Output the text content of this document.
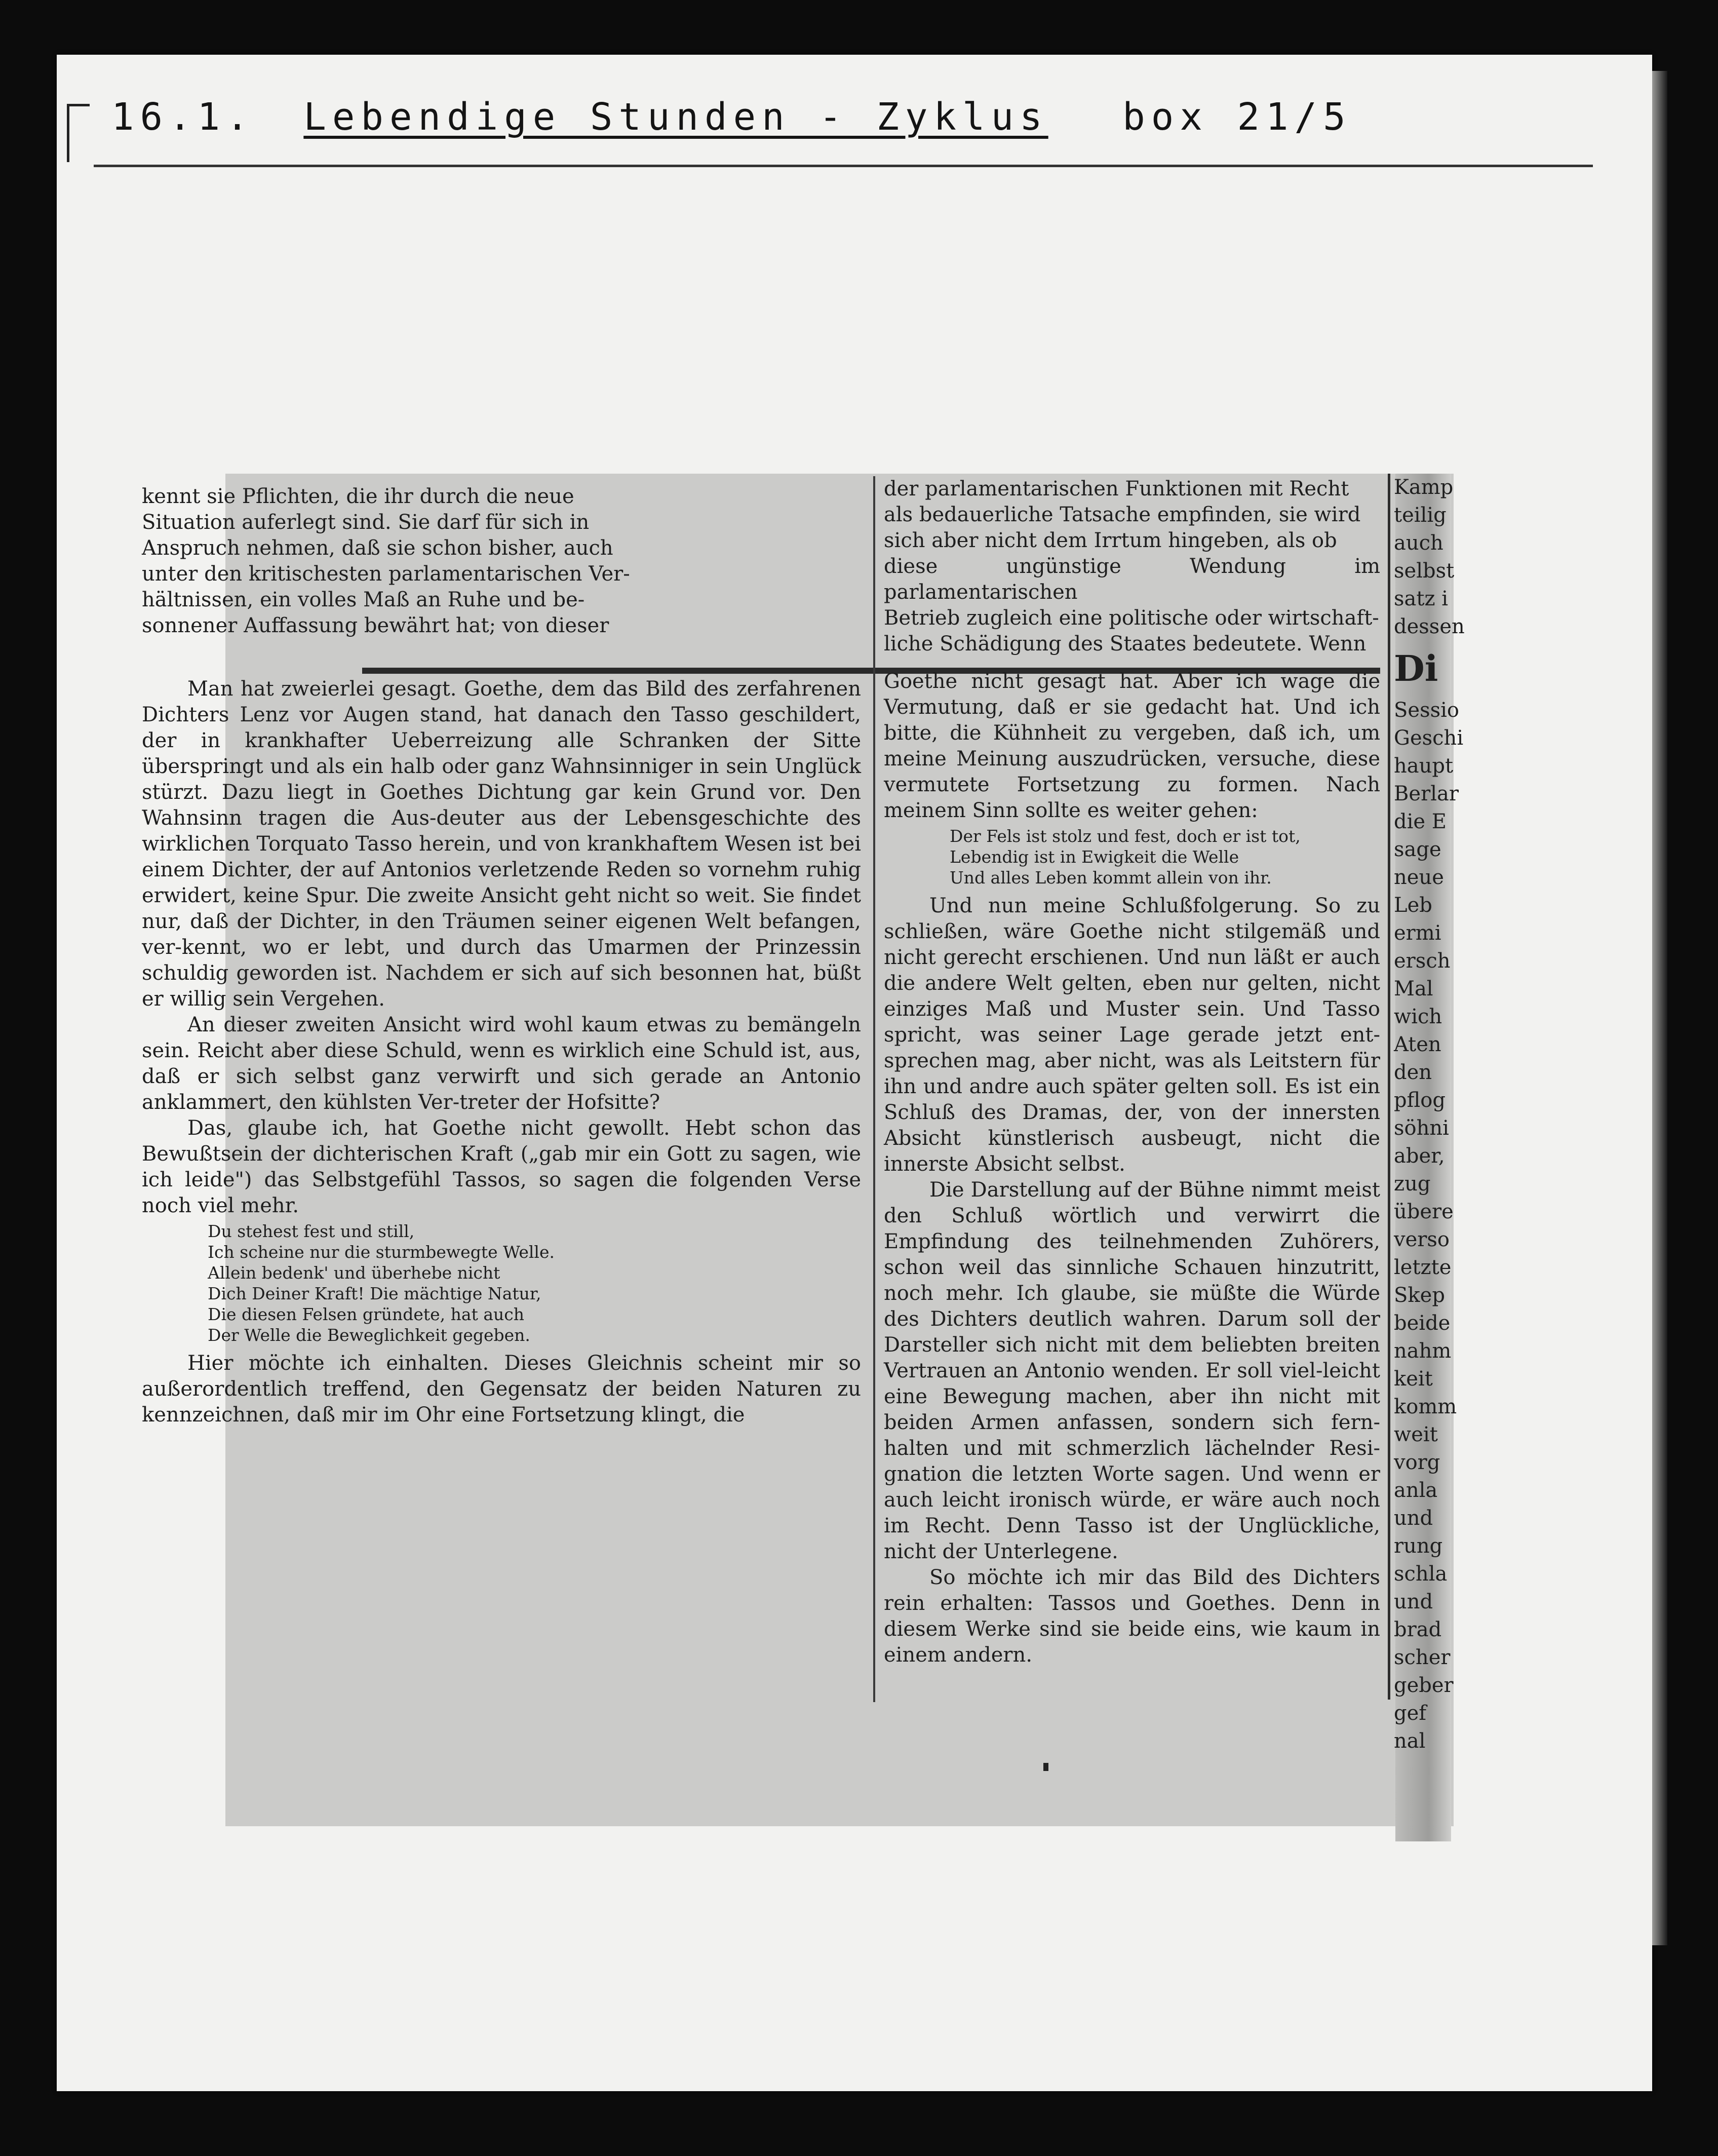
16.1. Lebendige Stunden - Zyklus box 21/5

kennt sie Pflichten, die ihr durch die neue

Situation auferlegt sind. Sie darf für sich in

Anspruch nehmen, daß sie schon bisher, auch

unter den kritischesten parlamentarischen Ver-

hältnissen, ein volles Maß an Ruhe und be-

sonnener Auffassung bewährt hat; von dieser

der parlamentarischen Funktionen mit Recht

als bedauerliche Tatsache empfinden, sie wird

sich aber nicht dem Irrtum hingeben, als ob

diese ungünstige Wendung im parlamentarischen

Betrieb zugleich eine politische oder wirtschaft-

liche Schädigung des Staates bedeutete. Wenn

Man hat zweierlei gesagt. Goethe, dem das Bild des zerfahrenen Dichters Lenz vor Augen stand, hat danach den Tasso geschildert, der in krankhafter Ueberreizung alle Schranken der Sitte überspringt und als ein halb oder ganz Wahnsinniger in sein Unglück stürzt. Dazu liegt in Goethes Dichtung gar kein Grund vor. Den Wahnsinn tragen die Aus-deuter aus der Lebensgeschichte des wirklichen Torquato Tasso herein, und von krankhaftem Wesen ist bei einem Dichter, der auf Antonios verletzende Reden so vornehm ruhig erwidert, keine Spur. Die zweite Ansicht geht nicht so weit. Sie findet nur, daß der Dichter, in den Träumen seiner eigenen Welt befangen, ver-kennt, wo er lebt, und durch das Umarmen der Prinzessin schuldig geworden ist. Nachdem er sich auf sich besonnen hat, büßt er willig sein Vergehen.

An dieser zweiten Ansicht wird wohl kaum etwas zu bemängeln sein. Reicht aber diese Schuld, wenn es wirklich eine Schuld ist, aus, daß er sich selbst ganz verwirft und sich gerade an Antonio anklammert, den kühlsten Ver-treter der Hofsitte?

Das, glaube ich, hat Goethe nicht gewollt. Hebt schon das Bewußtsein der dichterischen Kraft („gab mir ein Gott zu sagen, wie ich leide") das Selbstgefühl Tassos, so sagen die folgenden Verse noch viel mehr.

Du stehest fest und still,
Ich scheine nur die sturmbewegte Welle.
Allein bedenk' und überhebe nicht
Dich Deiner Kraft! Die mächtige Natur,
Die diesen Felsen gründete, hat auch
Der Welle die Beweglichkeit gegeben.

Hier möchte ich einhalten. Dieses Gleichnis scheint mir so außerordentlich treffend, den Gegensatz der beiden Naturen zu kennzeichnen, daß mir im Ohr eine Fortsetzung klingt, die

Goethe nicht gesagt hat. Aber ich wage die Vermutung, daß er sie gedacht hat. Und ich bitte, die Kühnheit zu vergeben, daß ich, um meine Meinung auszudrücken, versuche, diese vermutete Fortsetzung zu formen. Nach meinem Sinn sollte es weiter gehen:

Der Fels ist stolz und fest, doch er ist tot,
Lebendig ist in Ewigkeit die Welle
Und alles Leben kommt allein von ihr.

Und nun meine Schlußfolgerung. So zu schließen, wäre Goethe nicht stilgemäß und nicht gerecht erschienen. Und nun läßt er auch die andere Welt gelten, eben nur gelten, nicht einziges Maß und Muster sein. Und Tasso spricht, was seiner Lage gerade jetzt ent-sprechen mag, aber nicht, was als Leitstern für ihn und andre auch später gelten soll. Es ist ein Schluß des Dramas, der, von der innersten Absicht künstlerisch ausbeugt, nicht die innerste Absicht selbst.

Die Darstellung auf der Bühne nimmt meist den Schluß wörtlich und verwirrt die Empfindung des teilnehmenden Zuhörers, schon weil das sinnliche Schauen hinzutritt, noch mehr. Ich glaube, sie müßte die Würde des Dichters deutlich wahren. Darum soll der Darsteller sich nicht mit dem beliebten breiten Vertrauen an Antonio wenden. Er soll viel-leicht eine Bewegung machen, aber ihn nicht mit beiden Armen anfassen, sondern sich fern-halten und mit schmerzlich lächelnder Resi-gnation die letzten Worte sagen. Und wenn er auch leicht ironisch würde, er wäre auch noch im Recht. Denn Tasso ist der Unglückliche, nicht der Unterlegene.

So möchte ich mir das Bild des Dichters rein erhalten: Tassos und Goethes. Denn in diesem Werke sind sie beide eins, wie kaum in einem andern.

Kamp
teilig
auch
selbst
satz i
dessen
Di
Sessio
Geschi
haupt
Berlar
die E
sage
neue
Leb
ermi
ersch
Mal
wich
Aten
den
pflog
söhni
aber,
zug
übere
verso
letzte
Skep
beide
nahm
keit
komm
weit
vorg
anla
und
rung
schla
und
brad
scher
geber
gef
nal
